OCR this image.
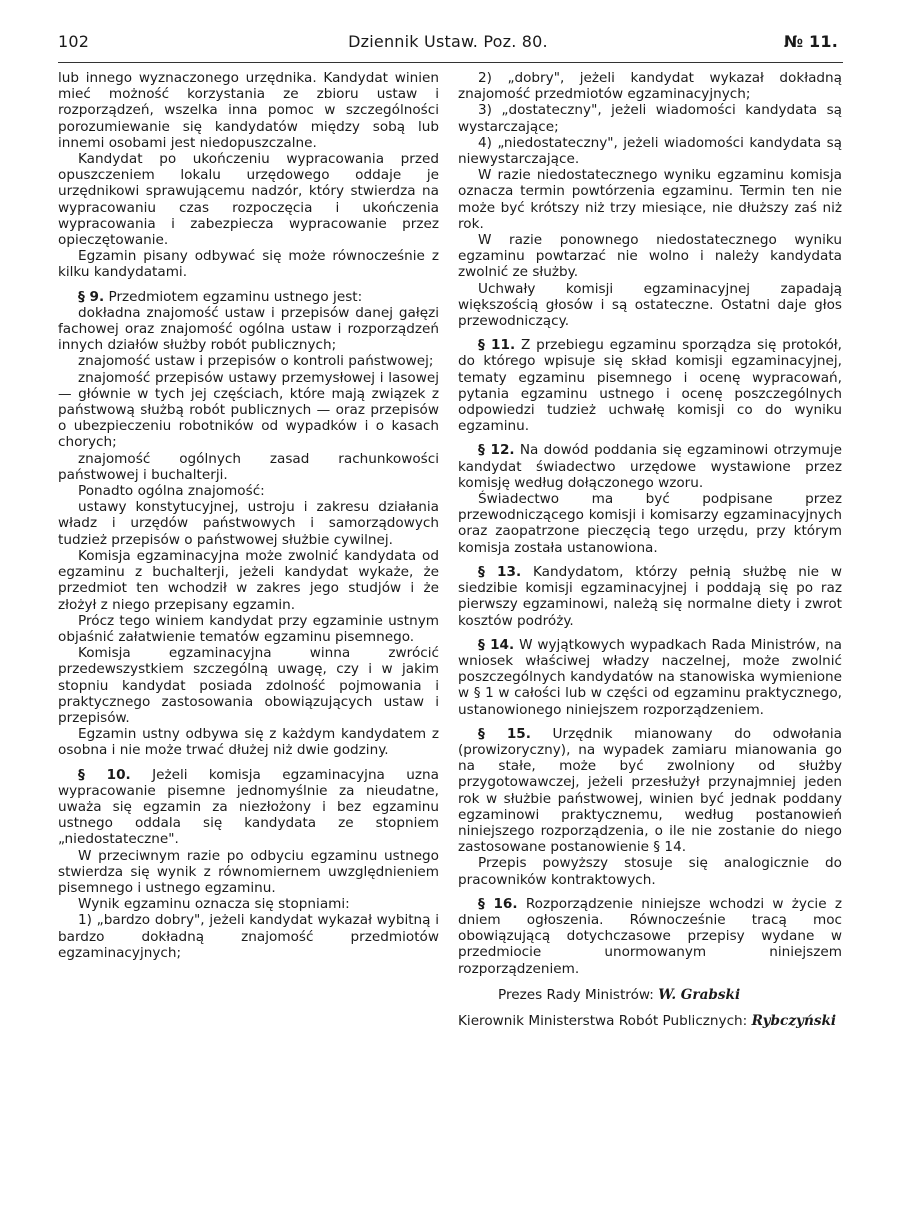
102	Dziennik Ustaw. Poz. 80.	№ 11.

lub innego wyznaczonego urzędnika. Kandydat winien mieć możność korzystania ze zbioru ustaw i rozporządzeń, wszelka inna pomoc w szczególności porozumiewanie się kandydatów między sobą lub innemi osobami jest niedopuszczalne.

Kandydat po ukończeniu wypracowania przed opuszczeniem lokalu urzędowego oddaje je urzędnikowi sprawującemu nadzór, który stwierdza na wypracowaniu czas rozpoczęcia i ukończenia wypracowania i zabezpiecza wypracowanie przez opieczętowanie.

Egzamin pisany odbywać się może równocześnie z kilku kandydatami.

§ 9. Przedmiotem egzaminu ustnego jest:

dokładna znajomość ustaw i przepisów danej gałęzi fachowej oraz znajomość ogólna ustaw i rozporządzeń innych działów służby robót publicznych;

znajomość ustaw i przepisów o kontroli państwowej;

znajomość przepisów ustawy przemysłowej i lasowej — głównie w tych jej częściach, które mają związek z państwową służbą robót publicznych — oraz przepisów o ubezpieczeniu robotników od wypadków i o kasach chorych;

znajomość ogólnych zasad rachunkowości państwowej i buchalterji.

Ponadto ogólna znajomość:

ustawy konstytucyjnej, ustroju i zakresu działania władz i urzędów państwowych i samorządowych tudzież przepisów o państwowej służbie cywilnej.

Komisja egzaminacyjna może zwolnić kandydata od egzaminu z buchalterji, jeżeli kandydat wykaże, że przedmiot ten wchodził w zakres jego studjów i że złożył z niego przepisany egzamin.

Prócz tego winiem kandydat przy egzaminie ustnym objaśnić załatwienie tematów egzaminu pisemnego.

Komisja egzaminacyjna winna zwrócić przedewszystkiem szczególną uwagę, czy i w jakim stopniu kandydat posiada zdolność pojmowania i praktycznego zastosowania obowiązujących ustaw i przepisów.

Egzamin ustny odbywa się z każdym kandydatem z osobna i nie może trwać dłużej niż dwie godziny.

§ 10. Jeżeli komisja egzaminacyjna uzna wypracowanie pisemne jednomyślnie za nieudatne, uważa się egzamin za niezłożony i bez egzaminu ustnego oddala się kandydata ze stopniem „niedostateczne".

W przeciwnym razie po odbyciu egzaminu ustnego stwierdza się wynik z równomiernem uwzględnieniem pisemnego i ustnego egzaminu.

Wynik egzaminu oznacza się stopniami:

1) „bardzo dobry", jeżeli kandydat wykazał wybitną i bardzo dokładną znajomość przedmiotów egzaminacyjnych;

2) „dobry", jeżeli kandydat wykazał dokładną znajomość przedmiotów egzaminacyjnych;

3) „dostateczny", jeżeli wiadomości kandydata są wystarczające;

4) „niedostateczny", jeżeli wiadomości kandydata są niewystarczające.

W razie niedostatecznego wyniku egzaminu komisja oznacza termin powtórzenia egzaminu. Termin ten nie może być krótszy niż trzy miesiące, nie dłuższy zaś niż rok.

W razie ponownego niedostatecznego wyniku egzaminu powtarzać nie wolno i należy kandydata zwolnić ze służby.

Uchwały komisji egzaminacyjnej zapadają większością głosów i są ostateczne. Ostatni daje głos przewodniczący.

§ 11. Z przebiegu egzaminu sporządza się protokół, do którego wpisuje się skład komisji egzaminacyjnej, tematy egzaminu pisemnego i ocenę wypracowań, pytania egzaminu ustnego i ocenę poszczególnych odpowiedzi tudzież uchwałę komisji co do wyniku egzaminu.

§ 12. Na dowód poddania się egzaminowi otrzymuje kandydat świadectwo urzędowe wystawione przez komisję według dołączonego wzoru.

Świadectwo ma być podpisane przez przewodniczącego komisji i komisarzy egzaminacyjnych oraz zaopatrzone pieczęcią tego urzędu, przy którym komisja została ustanowiona.

§ 13. Kandydatom, którzy pełnią służbę nie w siedzibie komisji egzaminacyjnej i poddają się po raz pierwszy egzaminowi, należą się normalne diety i zwrot kosztów podróży.

§ 14. W wyjątkowych wypadkach Rada Ministrów, na wniosek właściwej władzy naczelnej, może zwolnić poszczególnych kandydatów na stanowiska wymienione w § 1 w całości lub w części od egzaminu praktycznego, ustanowionego niniejszem rozporządzeniem.

§ 15. Urzędnik mianowany do odwołania (prowizoryczny), na wypadek zamiaru mianowania go na stałe, może być zwolniony od służby przygotowawczej, jeżeli przesłużył przynajmniej jeden rok w służbie państwowej, winien być jednak poddany egzaminowi praktycznemu, według postanowień niniejszego rozporządzenia, o ile nie zostanie do niego zastosowane postanowienie § 14.

Przepis powyższy stosuje się analogicznie do pracowników kontraktowych.

§ 16. Rozporządzenie niniejsze wchodzi w życie z dniem ogłoszenia. Równocześnie tracą moc obowiązującą dotychczasowe przepisy wydane w przedmiocie unormowanym niniejszem rozporządzeniem.

Prezes Rady Ministrów: W. Grabski

Kierownik Ministerstwa Robót Publicznych: Rybczyński
